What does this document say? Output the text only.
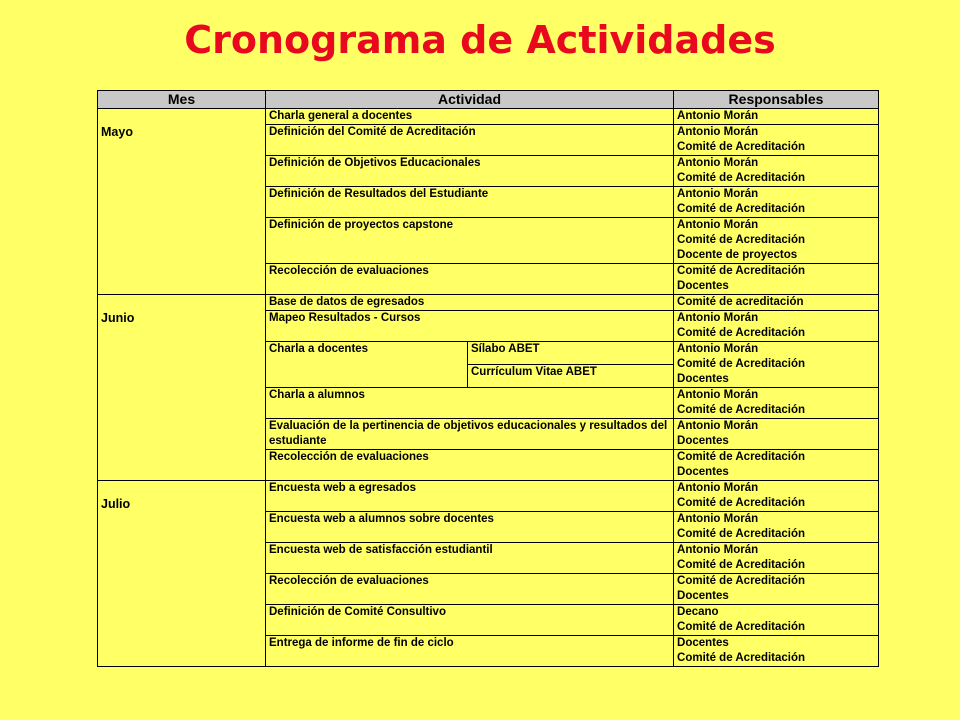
Cronograma de Actividades
Mes	Actividad		Responsables

Mayo	Charla general a docentes		Antonio Morán

	Definición del Comité de Acreditación		Antonio Morán
Comité de Acreditación

	Definición de Objetivos Educacionales		Antonio Morán
Comité de Acreditación

	Definición de Resultados del Estudiante		Antonio Morán
Comité de Acreditación

	Definición de proyectos capstone		Antonio Morán
Comité de Acreditación
Docente de proyectos

	Recolección de evaluaciones		Comité de Acreditación
Docentes

Junio	Base de datos de egresados		Comité de acreditación

	Mapeo Resultados - Cursos		Antonio Morán
Comité de Acreditación

	Charla a docentes	Sílabo ABET	Antonio Morán
Comité de Acreditación
Docentes

		Currículum Vitae ABET	
	Charla a alumnos		Antonio Morán
Comité de Acreditación

	Evaluación de la pertinencia de objetivos educacionales y resultados del estudiante		Antonio Morán
Docentes

	Recolección de evaluaciones		Comité de Acreditación
Docentes

Julio	Encuesta web a egresados		Antonio Morán
Comité de Acreditación

	Encuesta web a alumnos sobre docentes		Antonio Morán
Comité de Acreditación

	Encuesta web de satisfacción estudiantil		Antonio Morán
Comité de Acreditación

	Recolección de evaluaciones		Comité de Acreditación
Docentes

	Definición de Comité Consultivo		Decano
Comité de Acreditación

	Entrega de informe de fin de ciclo		Docentes
Comité de Acreditación
